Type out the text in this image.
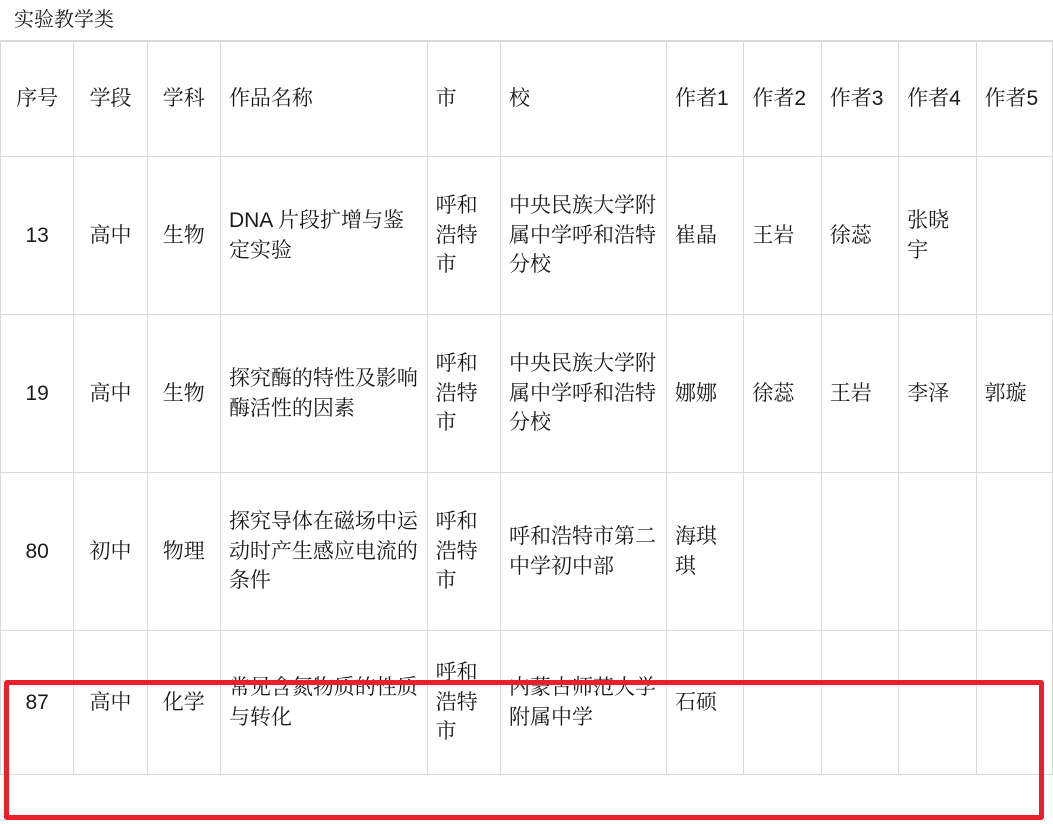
实验教学类
序号	学段	学科	作品名称	市	校	作者1	作者2	作者3	作者4	作者5
13	高中	生物	DNA 片段扩增与鉴定实验	呼和浩特市	中央民族大学附属中学呼和浩特分校	崔晶	王岩	徐蕊	张晓宇	
19	高中	生物	探究酶的特性及影响酶活性的因素	呼和浩特市	中央民族大学附属中学呼和浩特分校	娜娜	徐蕊	王岩	李泽	郭璇
80	初中	物理	探究导体在磁场中运动时产生感应电流的条件	呼和浩特市	呼和浩特市第二中学初中部	海琪琪				
87	高中	化学	常见含氮物质的性质与转化	呼和浩特市	内蒙古师范大学附属中学	石硕				
